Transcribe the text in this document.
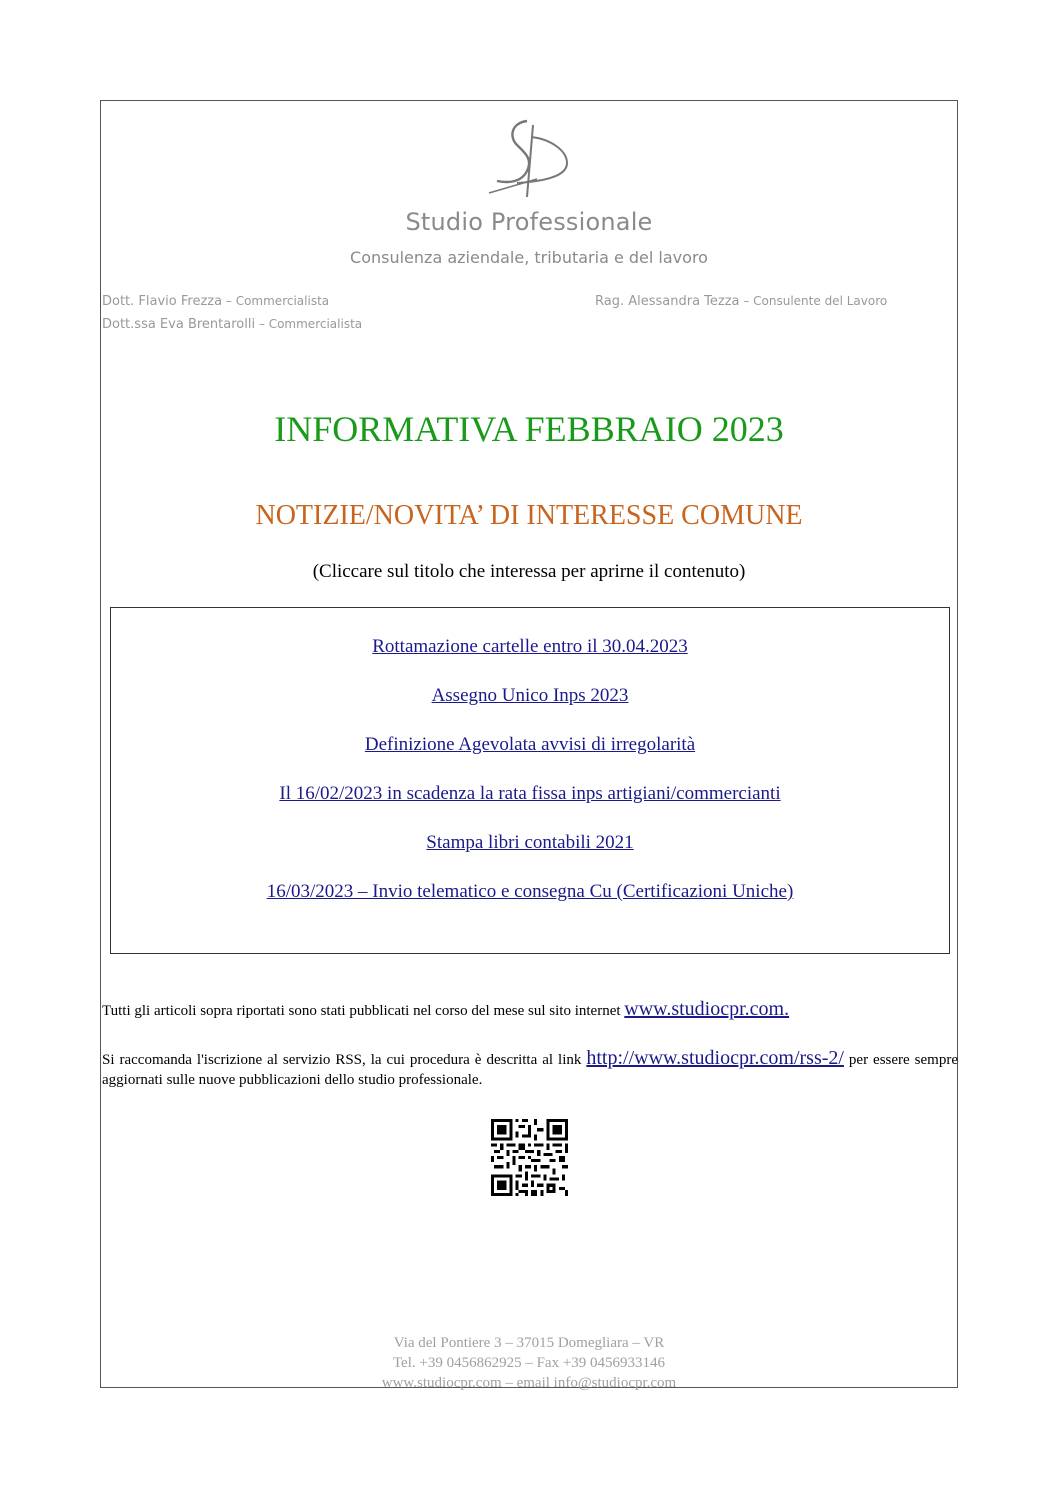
Studio Professionale
Consulenza aziendale, tributaria e del lavoro
Dott. Flavio Frezza – Commercialista
Dott.ssa Eva Brentarolli – Commercialista
Rag. Alessandra Tezza – Consulente del Lavoro
INFORMATIVA FEBBRAIO 2023
NOTIZIE/NOVITA’ DI INTERESSE COMUNE
(Cliccare sul titolo che interessa per aprirne il contenuto)
Rottamazione cartelle entro il 30.04.2023
Assegno Unico Inps 2023
Definizione Agevolata avvisi di irregolarità
Il 16/02/2023 in scadenza la rata fissa inps artigiani/commercianti
Stampa libri contabili 2021
16/03/2023 – Invio telematico e consegna Cu (Certificazioni Uniche)
Tutti gli articoli sopra riportati sono stati pubblicati nel corso del mese sul sito internet www.studiocpr.com.
Si raccomanda l'iscrizione al servizio RSS, la cui procedura è descritta al link http://www.studiocpr.com/rss-2/ per essere sempre aggiornati sulle nuove pubblicazioni dello studio professionale.
Via del Pontiere 3 – 37015 Domegliara – VR
Tel. +39 0456862925 – Fax +39 0456933146
www.studiocpr.com – email info@studiocpr.com
